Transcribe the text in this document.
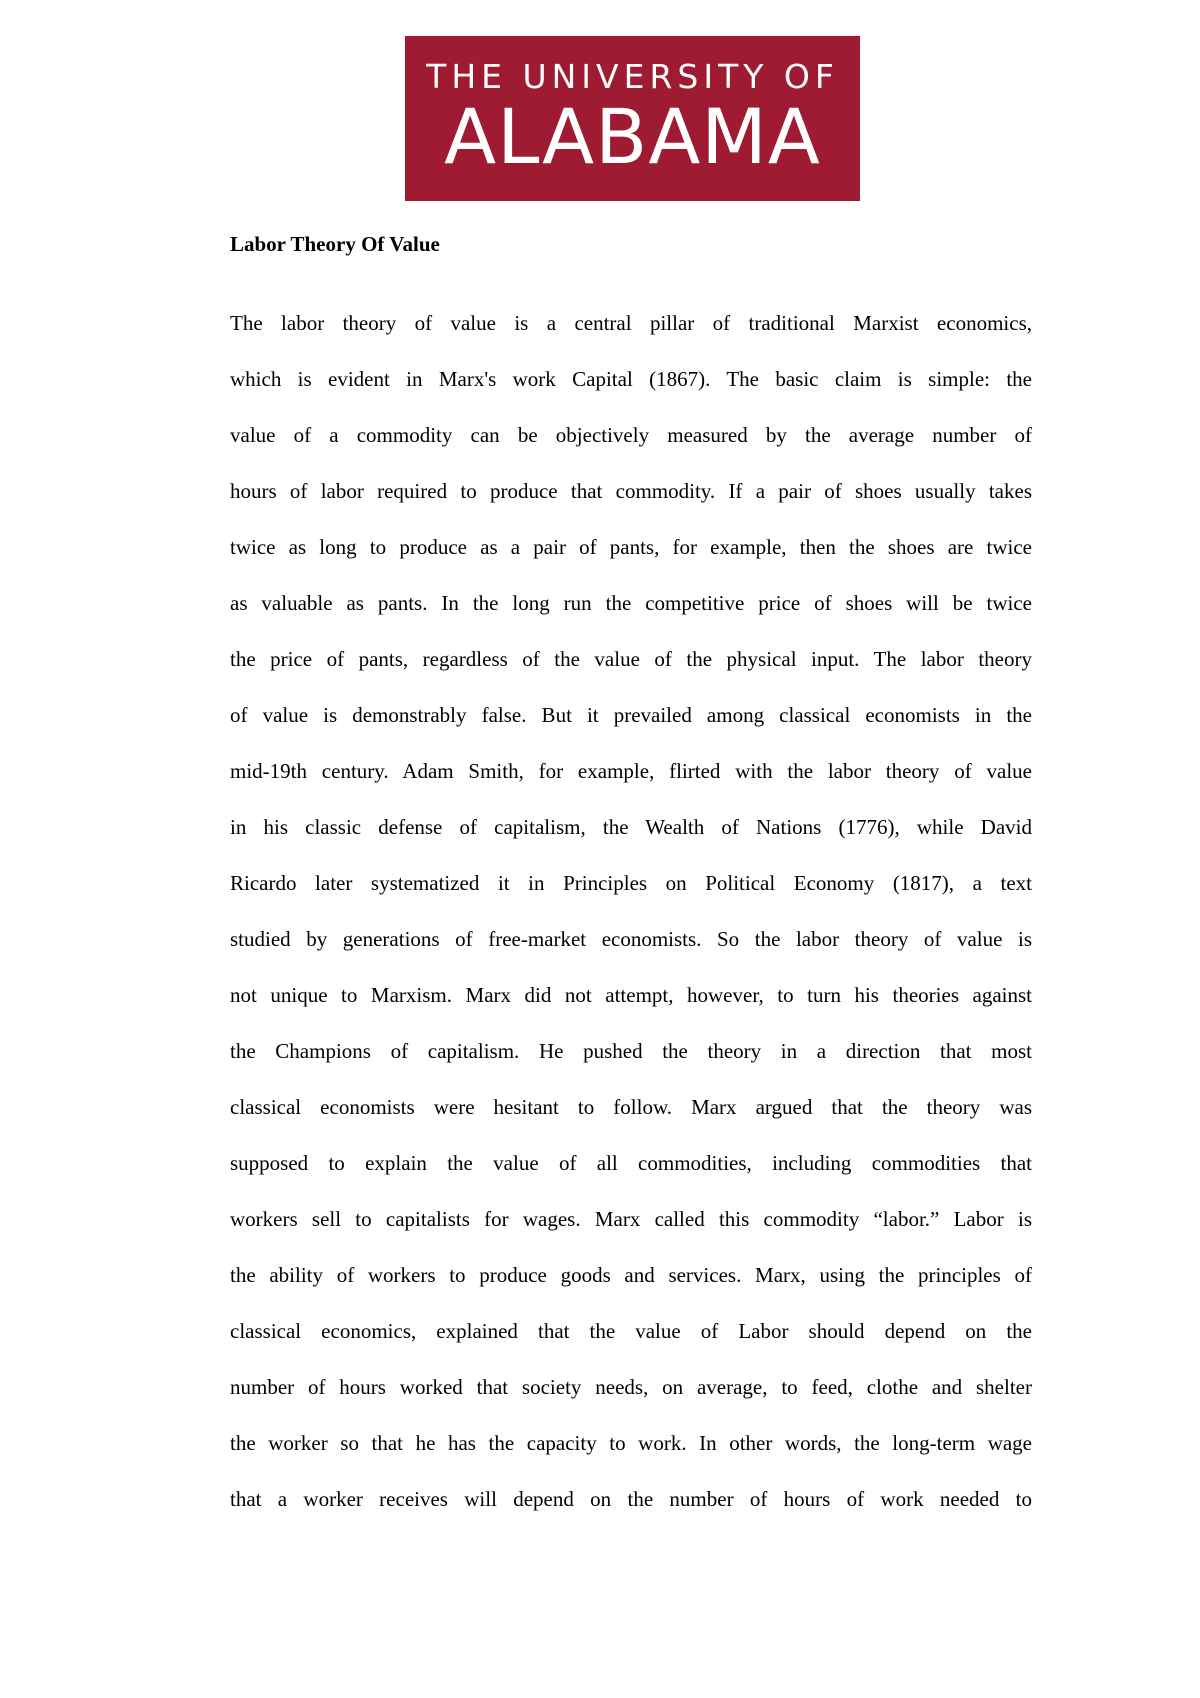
THE UNIVERSITY OF
ALABAMA
Labor Theory Of Value
The labor theory of value is a central pillar of traditional Marxist economics,
which is evident in Marx's work Capital (1867). The basic claim is simple: the
value of a commodity can be objectively measured by the average number of
hours of labor required to produce that commodity. If a pair of shoes usually takes
twice as long to produce as a pair of pants, for example, then the shoes are twice
as valuable as pants. In the long run the competitive price of shoes will be twice
the price of pants, regardless of the value of the physical input. The labor theory
of value is demonstrably false. But it prevailed among classical economists in the
mid-19th century. Adam Smith, for example, flirted with the labor theory of value
in his classic defense of capitalism, the Wealth of Nations (1776), while David
Ricardo later systematized it in Principles on Political Economy (1817), a text
studied by generations of free-market economists. So the labor theory of value is
not unique to Marxism. Marx did not attempt, however, to turn his theories against
the Champions of capitalism. He pushed the theory in a direction that most
classical economists were hesitant to follow. Marx argued that the theory was
supposed to explain the value of all commodities, including commodities that
workers sell to capitalists for wages. Marx called this commodity “labor.” Labor is
the ability of workers to produce goods and services. Marx, using the principles of
classical economics, explained that the value of Labor should depend on the
number of hours worked that society needs, on average, to feed, clothe and shelter
the worker so that he has the capacity to work. In other words, the long-term wage
that a worker receives will depend on the number of hours of work needed to
